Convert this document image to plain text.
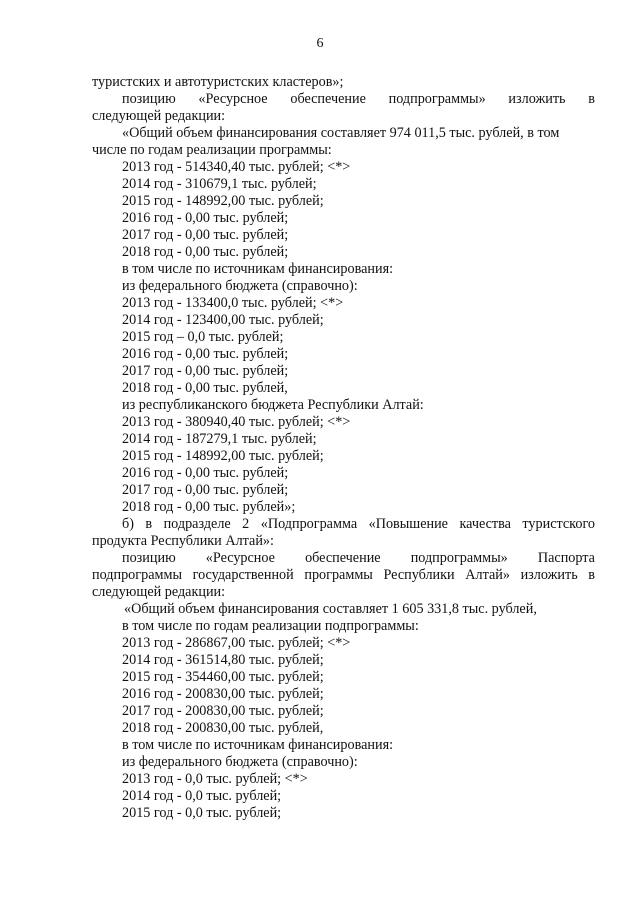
6
туристских и автотуристских кластеров»;
позицию «Ресурсное обеспечение подпрограммы» изложить в
следующей редакции:
«Общий объем финансирования составляет 974 011,5 тыс. рублей, в том
числе по годам реализации программы:
2013 год - 514340,40 тыс. рублей; <*>
2014 год - 310679,1 тыс. рублей;
2015 год - 148992,00 тыс. рублей;
2016 год - 0,00 тыс. рублей;
2017 год - 0,00 тыс. рублей;
2018 год - 0,00 тыс. рублей;
в том числе по источникам финансирования:
из федерального бюджета (справочно):
2013 год - 133400,0 тыс. рублей; <*>
2014 год - 123400,00 тыс. рублей;
2015 год – 0,0 тыс. рублей;
2016 год - 0,00 тыс. рублей;
2017 год - 0,00 тыс. рублей;
2018 год - 0,00 тыс. рублей,
из республиканского бюджета Республики Алтай:
2013 год - 380940,40 тыс. рублей; <*>
2014 год - 187279,1 тыс. рублей;
2015 год - 148992,00 тыс. рублей;
2016 год - 0,00 тыс. рублей;
2017 год - 0,00 тыс. рублей;
2018 год - 0,00 тыс. рублей»;
б) в подразделе 2 «Подпрограмма «Повышение качества туристского
продукта Республики Алтай»:
позицию «Ресурсное обеспечение подпрограммы» Паспорта
подпрограммы государственной программы Республики Алтай» изложить в
следующей редакции:
«Общий объем финансирования составляет 1 605 331,8 тыс. рублей,
в том числе по годам реализации подпрограммы:
2013 год - 286867,00 тыс. рублей; <*>
2014 год - 361514,80 тыс. рублей;
2015 год - 354460,00 тыс. рублей;
2016 год - 200830,00 тыс. рублей;
2017 год - 200830,00 тыс. рублей;
2018 год - 200830,00 тыс. рублей,
в том числе по источникам финансирования:
из федерального бюджета (справочно):
2013 год - 0,0 тыс. рублей; <*>
2014 год - 0,0 тыс. рублей;
2015 год - 0,0 тыс. рублей;
